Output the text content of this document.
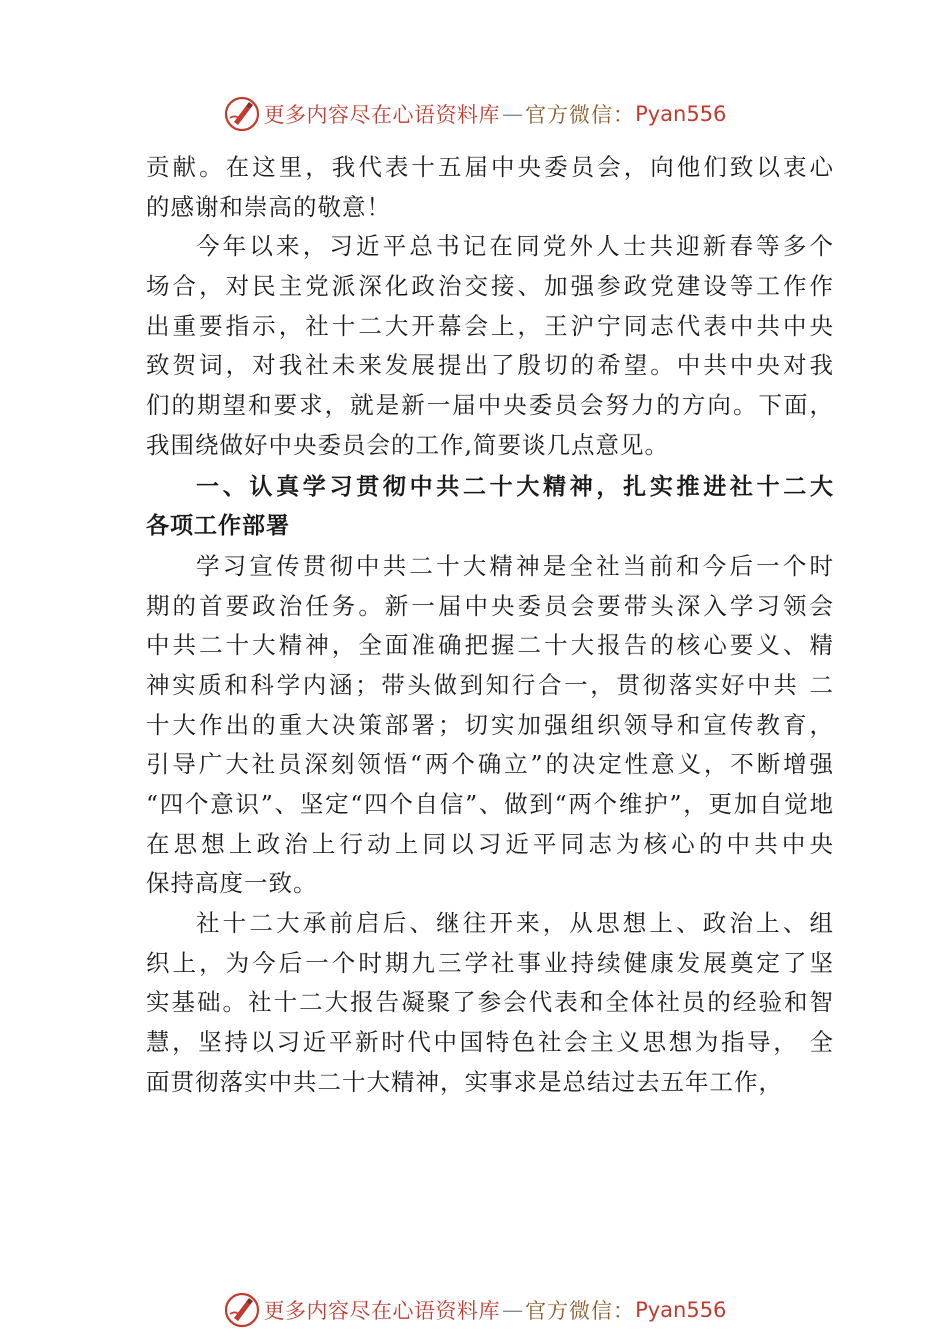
更多内容尽在心语资料库 — 官方微信： Pyan556
贡献。在这里，我代表十五届中央委员会，向他们致以衷心
的感谢和崇高的敬意！
今年以来，习近平总书记在同党外人士共迎新春等多个
场合，对民主党派深化政治交接、加强参政党建设等工作作
出重要指示，社十二大开幕会上，王沪宁同志代表中共中央
致贺词，对我社未来发展提出了殷切的希望。中共中央对我
们的期望和要求，就是新一届中央委员会努力的方向。下面，
我围绕做好中央委员会的工作,简要谈几点意见。
一、认真学习贯彻中共二十大精神，扎实推进社十二大
各项工作部署
学习宣传贯彻中共二十大精神是全社当前和今后一个时
期的首要政治任务。新一届中央委员会要带头深入学习领会
中共二十大精神，全面准确把握二十大报告的核心要义、精
神实质和科学内涵；带头做到知行合一，贯彻落实好中共 二
十大作出的重大决策部署；切实加强组织领导和宣传教育，
引导广大社员深刻领悟“两个确立”的决定性意义，不断增强
“四个意识”、坚定“四个自信”、做到“两个维护”，更加自觉地
在思想上政治上行动上同以习近平同志为核心的中共中央
保持高度一致。
社十二大承前启后、继往开来，从思想上、政治上、组
织上，为今后一个时期九三学社事业持续健康发展奠定了坚
实基础。社十二大报告凝聚了参会代表和全体社员的经验和智
慧，坚持以习近平新时代中国特色社会主义思想为指导， 全
面贯彻落实中共二十大精神，实事求是总结过去五年工作，
更多内容尽在心语资料库 — 官方微信： Pyan556
